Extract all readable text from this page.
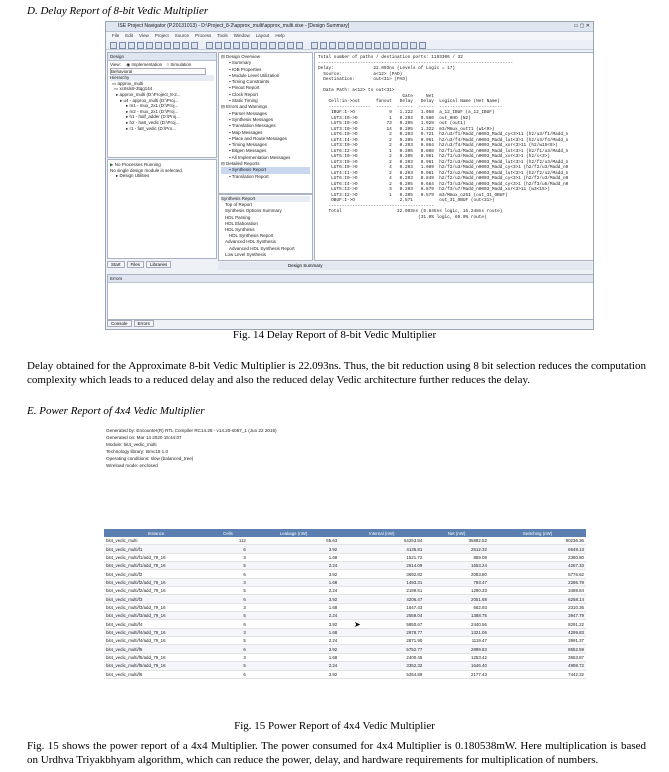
D. Delay Report of 8-bit Vedic Multiplier
ISE Project Navigator (P.20131013) - D:\Project_8-2\approx_multi\approx_multi.xise - [Design Summary]	▭ ▢ ✕
File Edit View Project Source Process Tools Window Layout Help
Design
View: ◉ Implementation ○ Simulation
Behavioral
Hierarchy
▭ approx_multi
▭ xc6slx9-3tqg144
▸ approx_multi (D:\Project_8-2...
▸ u4 - approx_multi (D:\Proj...
▸ m1 - mux_2x1 (D:\Proj...
▸ m2 - mux_2x1 (D:\Proj...
▸ h1 - half_adder (D:\Proj...
▸ h2 - ha8_vedic (D:\Proj...
▸ r1 - fa8_vedic (D:\Pro...
▶ No Processes Running
No single design module is selected.
▸ Design Utilities
Start Files Libraries
⊟ Design Overview
▪ Summary
▪ IOB Properties
▪ Module Level Utilization
▪ Timing Constraints
▪ Pinout Report
▪ Clock Report
▪ Static Timing
⊟ Errors and Warnings
▪ Parser Messages
▪ Synthesis Messages
▪ Translation Messages
▪ Map Messages
▪ Place and Route Messages
▪ Timing Messages
▪ Bitgen Messages
▪ All Implementation Messages
⊟ Detailed Reports
▪ Synthesis Report
▪ Translation Report
Synthesis Report
Top of Report
Synthesis Options Summary
HDL Parsing
HDL Elaboration
HDL Synthesis
HDL Synthesis Report
Advanced HDL Synthesis
Advanced HDL Synthesis Report
Low Level Synthesis
Total number of paths / destination ports: 1193306 / 32
--------------------------------------------------------------------------
Delay:               22.093ns (Levels of Logic = 17)
Source:            a<12> (PAD)
Destination:       out<31> (PAD)

Data Path: a<12> to out<31>
Gate     Net
Cell:in->out      fanout   Delay   Delay  Logical Name (Net Name)
----------------  ------  ------  ------  ------------------------
IBUF:I->O             9   1.222   1.058  a_12_IBUF (a_12_IBUF)
LUT3:I0->O            1   0.203   0.580  out_0HO (N2)
LUT5:I0->O           73   0.205   1.928  out (out1)
LUT3:I0->O           14   0.205   1.322  m3/Mmux_out71 (w1<9>)
LUT6:I0->O            2   0.203   0.721  h2/u3/f1/Madd_n0003_Madd_cy<3>11 (h2/u3/f1/Madd_n
LUT4:I4->O            2   0.205   0.961  h2/u3/f4/Madd_n0003_Madd_lut<3>1 (h2/u3/f4/Madd_n
LUT3:I0->O            2   0.203   0.864  h2/u3/f4/Madd_n0003_Madd_xor<3>11 (h2/w15<9>)
LUT6:I2->O            1   0.205   0.808  h2/f1/u3/Madd_n0003_Madd_lut<3>1 (h2/f1/u3/Madd_n
LUT5:I0->O            2   0.205   0.961  h2/f1/u3/Madd_n0003_Madd_xor<3>1 (h2/c<3>)
LUT3:I0->O            2   0.203   0.981  h2/f2/u3/Madd_n0003_Madd_lut<3>1 (h2/f2/u3/Madd_n
LUT6:I0->O            4   0.203   1.089  h2/f2/u3/Madd_n0003_Madd_cy<3>1 (h2/f2/u3/Madd_n0
LUT4:I1->O            2   0.203   0.981  h2/f2/u2/Madd_n0003_Madd_lut<3>1 (h2/f2/u2/Madd_n
LUT6:I0->O            4   0.203   0.849  h2/f2/u2/Madd_n0003_Madd_cy<3>1 (h2/f2/u3/Madd_n0
LUT6:I4->O            2   0.205   0.684  h2/f3/u3/Madd_n0003_Madd_cy<3>1 (h2/f3/u6/Madd_n0
LUT5:I3->O            3   0.203   0.879  h2/f3/u7/Madd_n0003_Madd_xor<3>11 (w3<15>)
LUT3:I2->O            1   0.205   0.579  m3/Mmux_o251 (out_31_OBUF)
OBUF:I->O                 2.571          out_31_OBUF (out<31>)
----------------------------------------
Total                     22.093ns (6.845ns logic, 15.248ns route)
(31.0% logic, 69.0% route)
Design Summary
Errors
Console Errors
Fig. 14 Delay Report of 8-bit Vedic Multiplier
Delay obtained for the Approximate 8-bit Vedic Multiplier is 22.093ns. Thus, the bit reduction using 8 bit selection reduces the computation complexity which leads to a reduced delay and also the reduced delay Vedic architecture further reduces the delay.
E. Power Report of 4x4 Vedic Multiplier
Generated by: Encounter(R) RTL Compiler RC14.28 - v14.20-s067_1 (Jun 22 2016)
Generated on: Mar 14 2020 15:44:07
Module: bit4_vedic_multi
Technology library: tsmc18 1.0
Operating conditions: slow (balanced_tree)
Wireload mode: enclosed
Instance	Cells	Leakage (nW)	Internal (nW)	Net (nW)	Switching (nW)
bit4_vedic_multi	112	65.63	54253.84	35882.52	90236.36
bit4_vedic_multi/f1	6	3.92	4135.81	2512.32	6648.13
bit4_vedic_multi/f1/add_79_16	3	1.68	1521.72	859.08	2380.80
bit4_vedic_multi/f1/add_79_16	5	2.24	2614.09	1653.24	4267.33
bit4_vedic_multi/f2	6	3.92	3692.82	2083.80	5776.62
bit4_vedic_multi/f2/add_79_16	3	1.68	1493.31	793.47	2286.78
bit4_vedic_multi/f2/add_79_16	5	2.24	2199.51	1290.33	3489.84
bit4_vedic_multi/f3	6	3.92	4206.47	2051.68	6258.14
bit4_vedic_multi/f3/add_79_16	3	1.68	1647.43	662.93	2310.36
bit4_vedic_multi/f3/add_79_16	5	2.24	2559.04	1388.75	3947.79
bit4_vedic_multi/f4	6	3.92	5850.67	2440.56	8291.22
bit4_vedic_multi/f4/add_79_16	3	1.68	2978.77	1321.06	4299.83
bit4_vedic_multi/f4/add_79_16	5	2.24	2871.90	1119.47	3991.37
bit4_vedic_multi/f5	6	3.92	5752.77	2899.83	8652.59
bit4_vedic_multi/f5/add_79_16	3	1.68	2400.45	1253.42	3653.87
bit4_vedic_multi/f5/add_79_16	5	2.24	3352.32	1646.40	4998.72
bit4_vedic_multi/f6	6	3.92	5264.89	2177.43	7442.32
➤
Fig. 15 Power Report of 4x4 Vedic Multiplier
Fig. 15 shows the power report of a 4x4 Multiplier. The power consumed for 4x4 Multiplier is 0.180538mW. Here multiplication is based on Urdhva Triyakbhyam algorithm, which can reduce the power, delay, and hardware requirements for multiplication of numbers.
